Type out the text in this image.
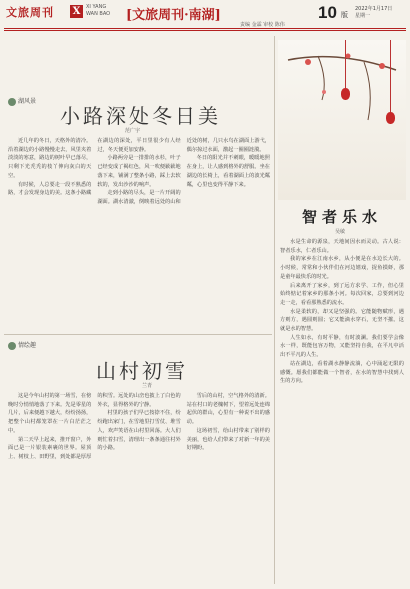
文旅周刊	X	XI YANG
WAN BAO	[文旅周刊·南湖]	10 版
2022年1月17日
星期一
责编 金霖 审校 陈伟
湖风景
小路深处冬日美
范广宇

近几年的冬日，天格外的清冷。沿着湖边的小路慢慢走去，风里夹着淡淡的寒意，路边的树叶早已落尽，只剩下光秃秃的枝丫伸向灰白的天空。

有时候，人总要走一段不熟悉的路，才会发现身边的美。这条小路藏在湖边的深处，平日里很少有人经过，冬天便更加安静。

小路两旁是一排排的水杉，叶子已经变成了褐红色，风一吹便簌簌地落下来，铺满了整条小路，踩上去软软的，发出沙沙的响声。

走到小路的尽头，是一片开阔的湖面。湖水清澈，倒映着远处的山和近处的树，几只水鸟在湖面上游弋，偶尔掠过水面，激起一圈圈涟漪。

冬日的阳光并不刺眼，暖暖地照在身上，让人感到格外的舒服。坐在湖边的长椅上，看着湖面上的波光粼粼，心里也变得平静下来。

情绘趣
山村初雪
兰青

这是今年山村的第一场雪，在傍晚时分悄悄地落了下来。先是零星的几片，后来便越下越大，纷纷扬扬，把整个山村都笼罩在一片白茫茫之中。

第二天早上起来，推开窗户，外面已是一片银装素裹的世界。屋顶上、树枝上、田野里，到处都是厚厚的积雪。远处的山峦也披上了白色的外衣，显得格外的宁静。

村里的孩子们早已按捺不住，纷纷跑出家门，在雪地里打雪仗、堆雪人，欢声笑语在山村里回荡。大人们则忙着扫雪，清理出一条条通往村外的小路。

雪后的山村，空气格外的清新。站在村口的老槐树下，望着远处连绵起伏的群山，心里有一种说不出的感动。

这场初雪，给山村带来了别样的美丽，也给人们带来了对新一年的美好期盼。

智者乐水
吴敏

水是生命的源泉，天地间因水而灵动。古人说：智者乐水，仁者乐山。

我的家乡在江南水乡，从小便是在水边长大的。小时候，常常和小伙伴们在河边嬉戏，捉鱼摸虾，那是童年最快乐的时光。

后来离开了家乡，到了远方求学、工作，但心里始终惦记着家乡的那条小河。每次回家，总要到河边走一走，看看那熟悉的流水。

水是柔软的，却又是坚强的。它能随物赋形，遇方则方，遇圆则圆；它又能滴水穿石，无坚不摧。这就是水的智慧。

人生如水，有时平静，有时波澜。我们要学会像水一样，既能包容万物，又能坚持自我，在平凡中活出不平凡的人生。

站在湖边，看着湖水静静流淌，心中涌起无限的感慨。愿我们都能做一个智者，在水的智慧中找到人生的方向。
